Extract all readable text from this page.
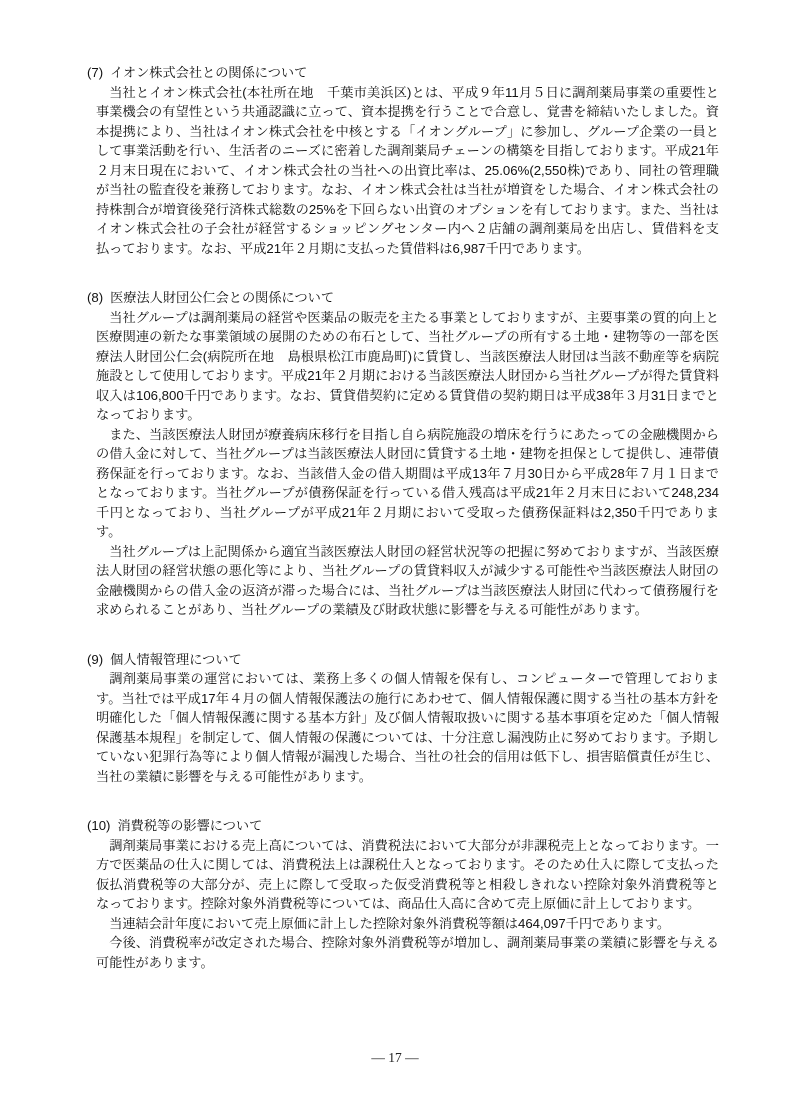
(7) イオン株式会社との関係について

当社とイオン株式会社(本社所在地　千葉市美浜区)とは、平成９年11月５日に調剤薬局事業の重要性と事業機会の有望性という共通認識に立って、資本提携を行うことで合意し、覚書を締結いたしました。資本提携により、当社はイオン株式会社を中核とする「イオングループ」に参加し、グループ企業の一員として事業活動を行い、生活者のニーズに密着した調剤薬局チェーンの構築を目指しております。平成21年２月末日現在において、イオン株式会社の当社への出資比率は、25.06%(2,550株)であり、同社の管理職が当社の監査役を兼務しております。なお、イオン株式会社は当社が増資をした場合、イオン株式会社の持株割合が増資後発行済株式総数の25%を下回らない出資のオプションを有しております。また、当社はイオン株式会社の子会社が経営するショッピングセンター内へ２店舗の調剤薬局を出店し、賃借料を支払っております。なお、平成21年２月期に支払った賃借料は6,987千円であります。

(8) 医療法人財団公仁会との関係について

当社グループは調剤薬局の経営や医薬品の販売を主たる事業としておりますが、主要事業の質的向上と医療関連の新たな事業領域の展開のための布石として、当社グループの所有する土地・建物等の一部を医療法人財団公仁会(病院所在地　島根県松江市鹿島町)に賃貸し、当該医療法人財団は当該不動産等を病院施設として使用しております。平成21年２月期における当該医療法人財団から当社グループが得た賃貸料収入は106,800千円であります。なお、賃貸借契約に定める賃貸借の契約期日は平成38年３月31日までとなっております。

また、当該医療法人財団が療養病床移行を目指し自ら病院施設の増床を行うにあたっての金融機関からの借入金に対して、当社グループは当該医療法人財団に賃貸する土地・建物を担保として提供し、連帯債務保証を行っております。なお、当該借入金の借入期間は平成13年７月30日から平成28年７月１日までとなっております。当社グループが債務保証を行っている借入残高は平成21年２月末日において248,234千円となっており、当社グループが平成21年２月期において受取った債務保証料は2,350千円であります。

当社グループは上記関係から適宜当該医療法人財団の経営状況等の把握に努めておりますが、当該医療法人財団の経営状態の悪化等により、当社グループの賃貸料収入が減少する可能性や当該医療法人財団の金融機関からの借入金の返済が滞った場合には、当社グループは当該医療法人財団に代わって債務履行を求められることがあり、当社グループの業績及び財政状態に影響を与える可能性があります。

(9) 個人情報管理について

調剤薬局事業の運営においては、業務上多くの個人情報を保有し、コンピューターで管理しております。当社では平成17年４月の個人情報保護法の施行にあわせて、個人情報保護に関する当社の基本方針を明確化した「個人情報保護に関する基本方針」及び個人情報取扱いに関する基本事項を定めた「個人情報保護基本規程」を制定して、個人情報の保護については、十分注意し漏洩防止に努めております。予期していない犯罪行為等により個人情報が漏洩した場合、当社の社会的信用は低下し、損害賠償責任が生じ、当社の業績に影響を与える可能性があります。

(10) 消費税等の影響について

調剤薬局事業における売上高については、消費税法において大部分が非課税売上となっております。一方で医薬品の仕入に関しては、消費税法上は課税仕入となっております。そのため仕入に際して支払った仮払消費税等の大部分が、売上に際して受取った仮受消費税等と相殺しきれない控除対象外消費税等となっております。控除対象外消費税等については、商品仕入高に含めて売上原価に計上しております。

当連結会計年度において売上原価に計上した控除対象外消費税等額は464,097千円であります。

今後、消費税率が改定された場合、控除対象外消費税等が増加し、調剤薬局事業の業績に影響を与える可能性があります。

— 17 —
